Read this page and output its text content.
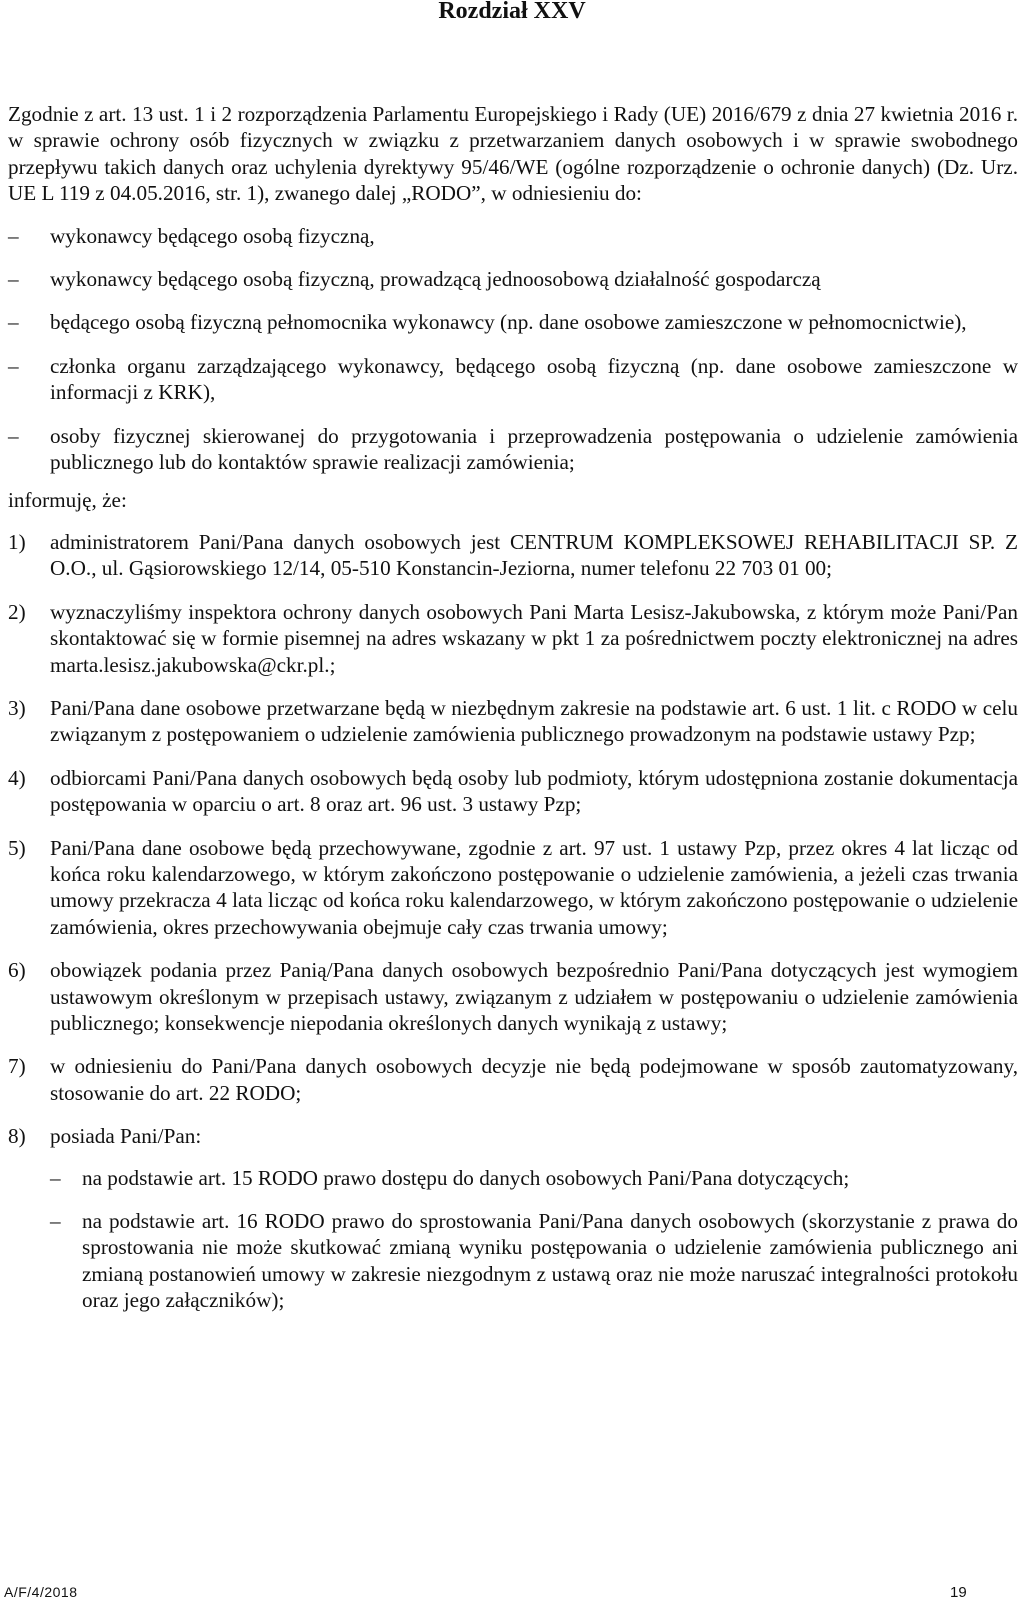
Rozdział XXV

Zgodnie z art. 13 ust. 1 i 2 rozporządzenia Parlamentu Europejskiego i Rady (UE) 2016/679 z dnia 27 kwietnia 2016 r. w sprawie ochrony osób fizycznych w związku z przetwarzaniem danych osobowych i w sprawie swobodnego przepływu takich danych oraz uchylenia dyrektywy 95/46/WE (ogólne rozporządzenie o ochronie danych) (Dz. Urz. UE L 119 z 04.05.2016, str. 1), zwanego dalej „RODO”, w odniesieniu do:

– wykonawcy będącego osobą fizyczną,
– wykonawcy będącego osobą fizyczną, prowadzącą jednoosobową działalność gospodarczą
– będącego osobą fizyczną pełnomocnika wykonawcy (np. dane osobowe zamieszczone w pełnomocnictwie),
– członka organu zarządzającego wykonawcy, będącego osobą fizyczną (np. dane osobowe zamieszczone w informacji z KRK),
– osoby fizycznej skierowanej do przygotowania i przeprowadzenia postępowania o udzielenie zamówienia publicznego lub do kontaktów sprawie realizacji zamówienia;

informuję, że:

1) administratorem Pani/Pana danych osobowych jest CENTRUM KOMPLEKSOWEJ REHABILITACJI SP. Z O.O., ul. Gąsiorowskiego 12/14, 05-510 Konstancin-Jeziorna, numer telefonu 22 703 01 00;
2) wyznaczyliśmy inspektora ochrony danych osobowych Pani Marta Lesisz-Jakubowska, z którym może Pani/Pan skontaktować się w formie pisemnej na adres wskazany w pkt 1 za pośrednictwem poczty elektronicznej na adres marta.lesisz.jakubowska@ckr.pl.;
3) Pani/Pana dane osobowe przetwarzane będą w niezbędnym zakresie na podstawie art. 6 ust. 1 lit. c RODO w celu związanym z postępowaniem o udzielenie zamówienia publicznego prowadzonym na podstawie ustawy Pzp;
4) odbiorcami Pani/Pana danych osobowych będą osoby lub podmioty, którym udostępniona zostanie dokumentacja postępowania w oparciu o art. 8 oraz art. 96 ust. 3 ustawy Pzp;
5) Pani/Pana dane osobowe będą przechowywane, zgodnie z art. 97 ust. 1 ustawy Pzp, przez okres 4 lat licząc od końca roku kalendarzowego, w którym zakończono postępowanie o udzielenie zamówienia, a jeżeli czas trwania umowy przekracza 4 lata licząc od końca roku kalendarzowego, w którym zakończono postępowanie o udzielenie zamówienia, okres przechowywania obejmuje cały czas trwania umowy;
6) obowiązek podania przez Panią/Pana danych osobowych bezpośrednio Pani/Pana dotyczących jest wymogiem ustawowym określonym w przepisach ustawy, związanym z udziałem w postępowaniu o udzielenie zamówienia publicznego; konsekwencje niepodania określonych danych wynikają z ustawy;
7) w odniesieniu do Pani/Pana danych osobowych decyzje nie będą podejmowane w sposób zautomatyzowany, stosowanie do art. 22 RODO;
8) posiada Pani/Pan:
– na podstawie art. 15 RODO prawo dostępu do danych osobowych Pani/Pana dotyczących;
– na podstawie art. 16 RODO prawo do sprostowania Pani/Pana danych osobowych (skorzystanie z prawa do sprostowania nie może skutkować zmianą wyniku postępowania o udzielenie zamówienia publicznego ani zmianą postanowień umowy w zakresie niezgodnym z ustawą oraz nie może naruszać integralności protokołu oraz jego załączników);
A/F/4/2018	19
